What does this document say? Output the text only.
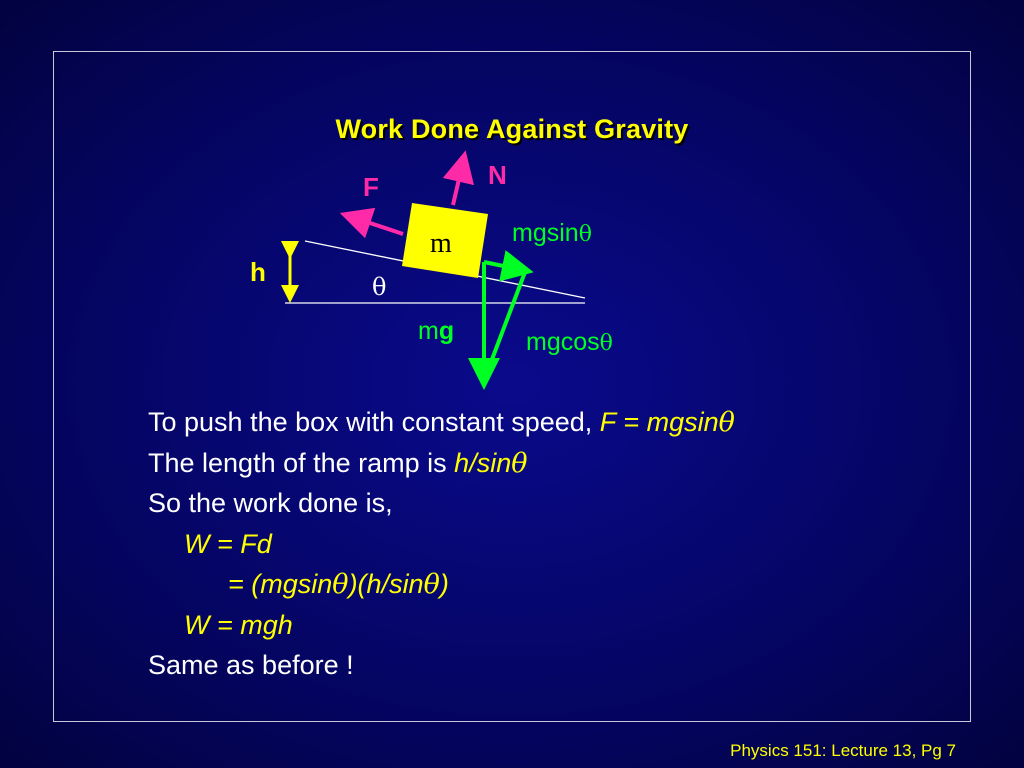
Work Done Against Gravity
F	N
m
h	θ
mgsinθ
mgcosθ
mg
To push the box with constant speed, F = mgsinθ
The length of the ramp is h/sinθ
So the work done is,
W = Fd
= (mgsinθ)(h/sinθ)
W = mgh
Same as before !
Physics 151: Lecture 13, Pg 7
